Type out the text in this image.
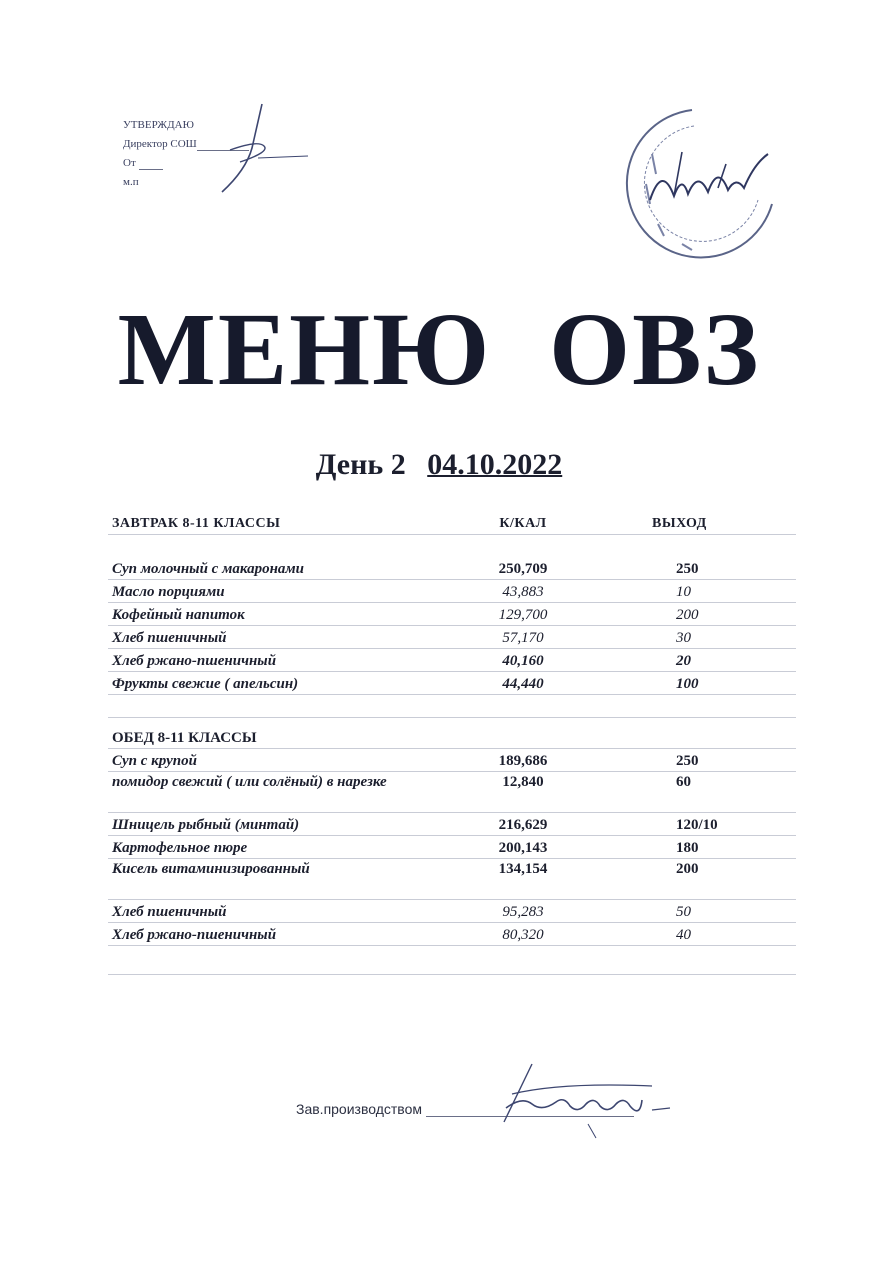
УТВЕРЖДАЮ
Директор СОШ
От
м.п
МЕНЮ ОВЗ
День 2 04.10.2022
ЗАВТРАК 8-11 КЛАССЫ	К/КАЛ	ВЫХОД
Суп молочный с макаронами	250,709	250
Масло порциями	43,883	10
Кофейный напиток	129,700	200
Хлеб пшеничный	57,170	30
Хлеб ржано-пшеничный	40,160	20
Фрукты свежие ( апельсин)	44,440	100

ОБЕД 8-11 КЛАССЫ		
Суп с крупой	189,686	250
помидор свежий ( или солёный) в нарезке	12,840	60
Шницель рыбный (минтай)	216,629	120/10
Картофельное пюре	200,143	180
Кисель витаминизированный	134,154	200
Хлеб пшеничный	95,283	50
Хлеб ржано-пшеничный	80,320	40

Зав.производством
